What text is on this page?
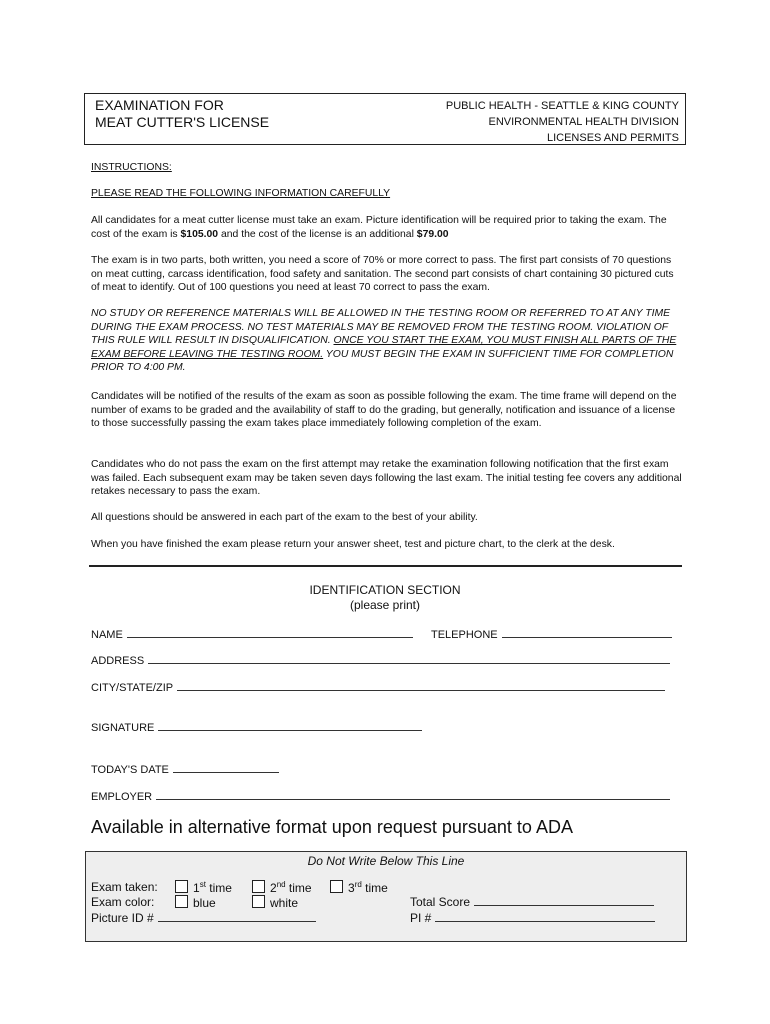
EXAMINATION FOR
MEAT CUTTER'S LICENSE
PUBLIC HEALTH - SEATTLE & KING COUNTY
ENVIRONMENTAL HEALTH DIVISION
LICENSES AND PERMITS
INSTRUCTIONS:
PLEASE READ THE FOLLOWING INFORMATION CAREFULLY
All candidates for a meat cutter license must take an exam. Picture identification will be required prior to taking the exam. The cost of the exam is $105.00 and the cost of the license is an additional $79.00
The exam is in two parts, both written, you need a score of 70% or more correct to pass. The first part consists of 70 questions on meat cutting, carcass identification, food safety and sanitation. The second part consists of chart containing 30 pictured cuts of meat to identify. Out of 100 questions you need at least 70 correct to pass the exam.
NO STUDY OR REFERENCE MATERIALS WILL BE ALLOWED IN THE TESTING ROOM OR REFERRED TO AT ANY TIME DURING THE EXAM PROCESS. NO TEST MATERIALS MAY BE REMOVED FROM THE TESTING ROOM. VIOLATION OF THIS RULE WILL RESULT IN DISQUALIFICATION. ONCE YOU START THE EXAM, YOU MUST FINISH ALL PARTS OF THE EXAM BEFORE LEAVING THE TESTING ROOM. YOU MUST BEGIN THE EXAM IN SUFFICIENT TIME FOR COMPLETION PRIOR TO 4:00 PM.
Candidates will be notified of the results of the exam as soon as possible following the exam. The time frame will depend on the number of exams to be graded and the availability of staff to do the grading, but generally, notification and issuance of a license to those successfully passing the exam takes place immediately following completion of the exam.
Candidates who do not pass the exam on the first attempt may retake the examination following notification that the first exam was failed. Each subsequent exam may be taken seven days following the last exam. The initial testing fee covers any additional retakes necessary to pass the exam.
All questions should be answered in each part of the exam to the best of your ability.
When you have finished the exam please return your answer sheet, test and picture chart, to the clerk at the desk.
IDENTIFICATION SECTION
(please print)
NAME	TELEPHONE
ADDRESS
CITY/STATE/ZIP
SIGNATURE
TODAY'S DATE
EMPLOYER
Available in alternative format upon request pursuant to ADA
Do Not Write Below This Line
Exam taken:	1st time	2nd time	3rd time
Exam color:	blue	white	Total Score
Picture ID #	PI #
